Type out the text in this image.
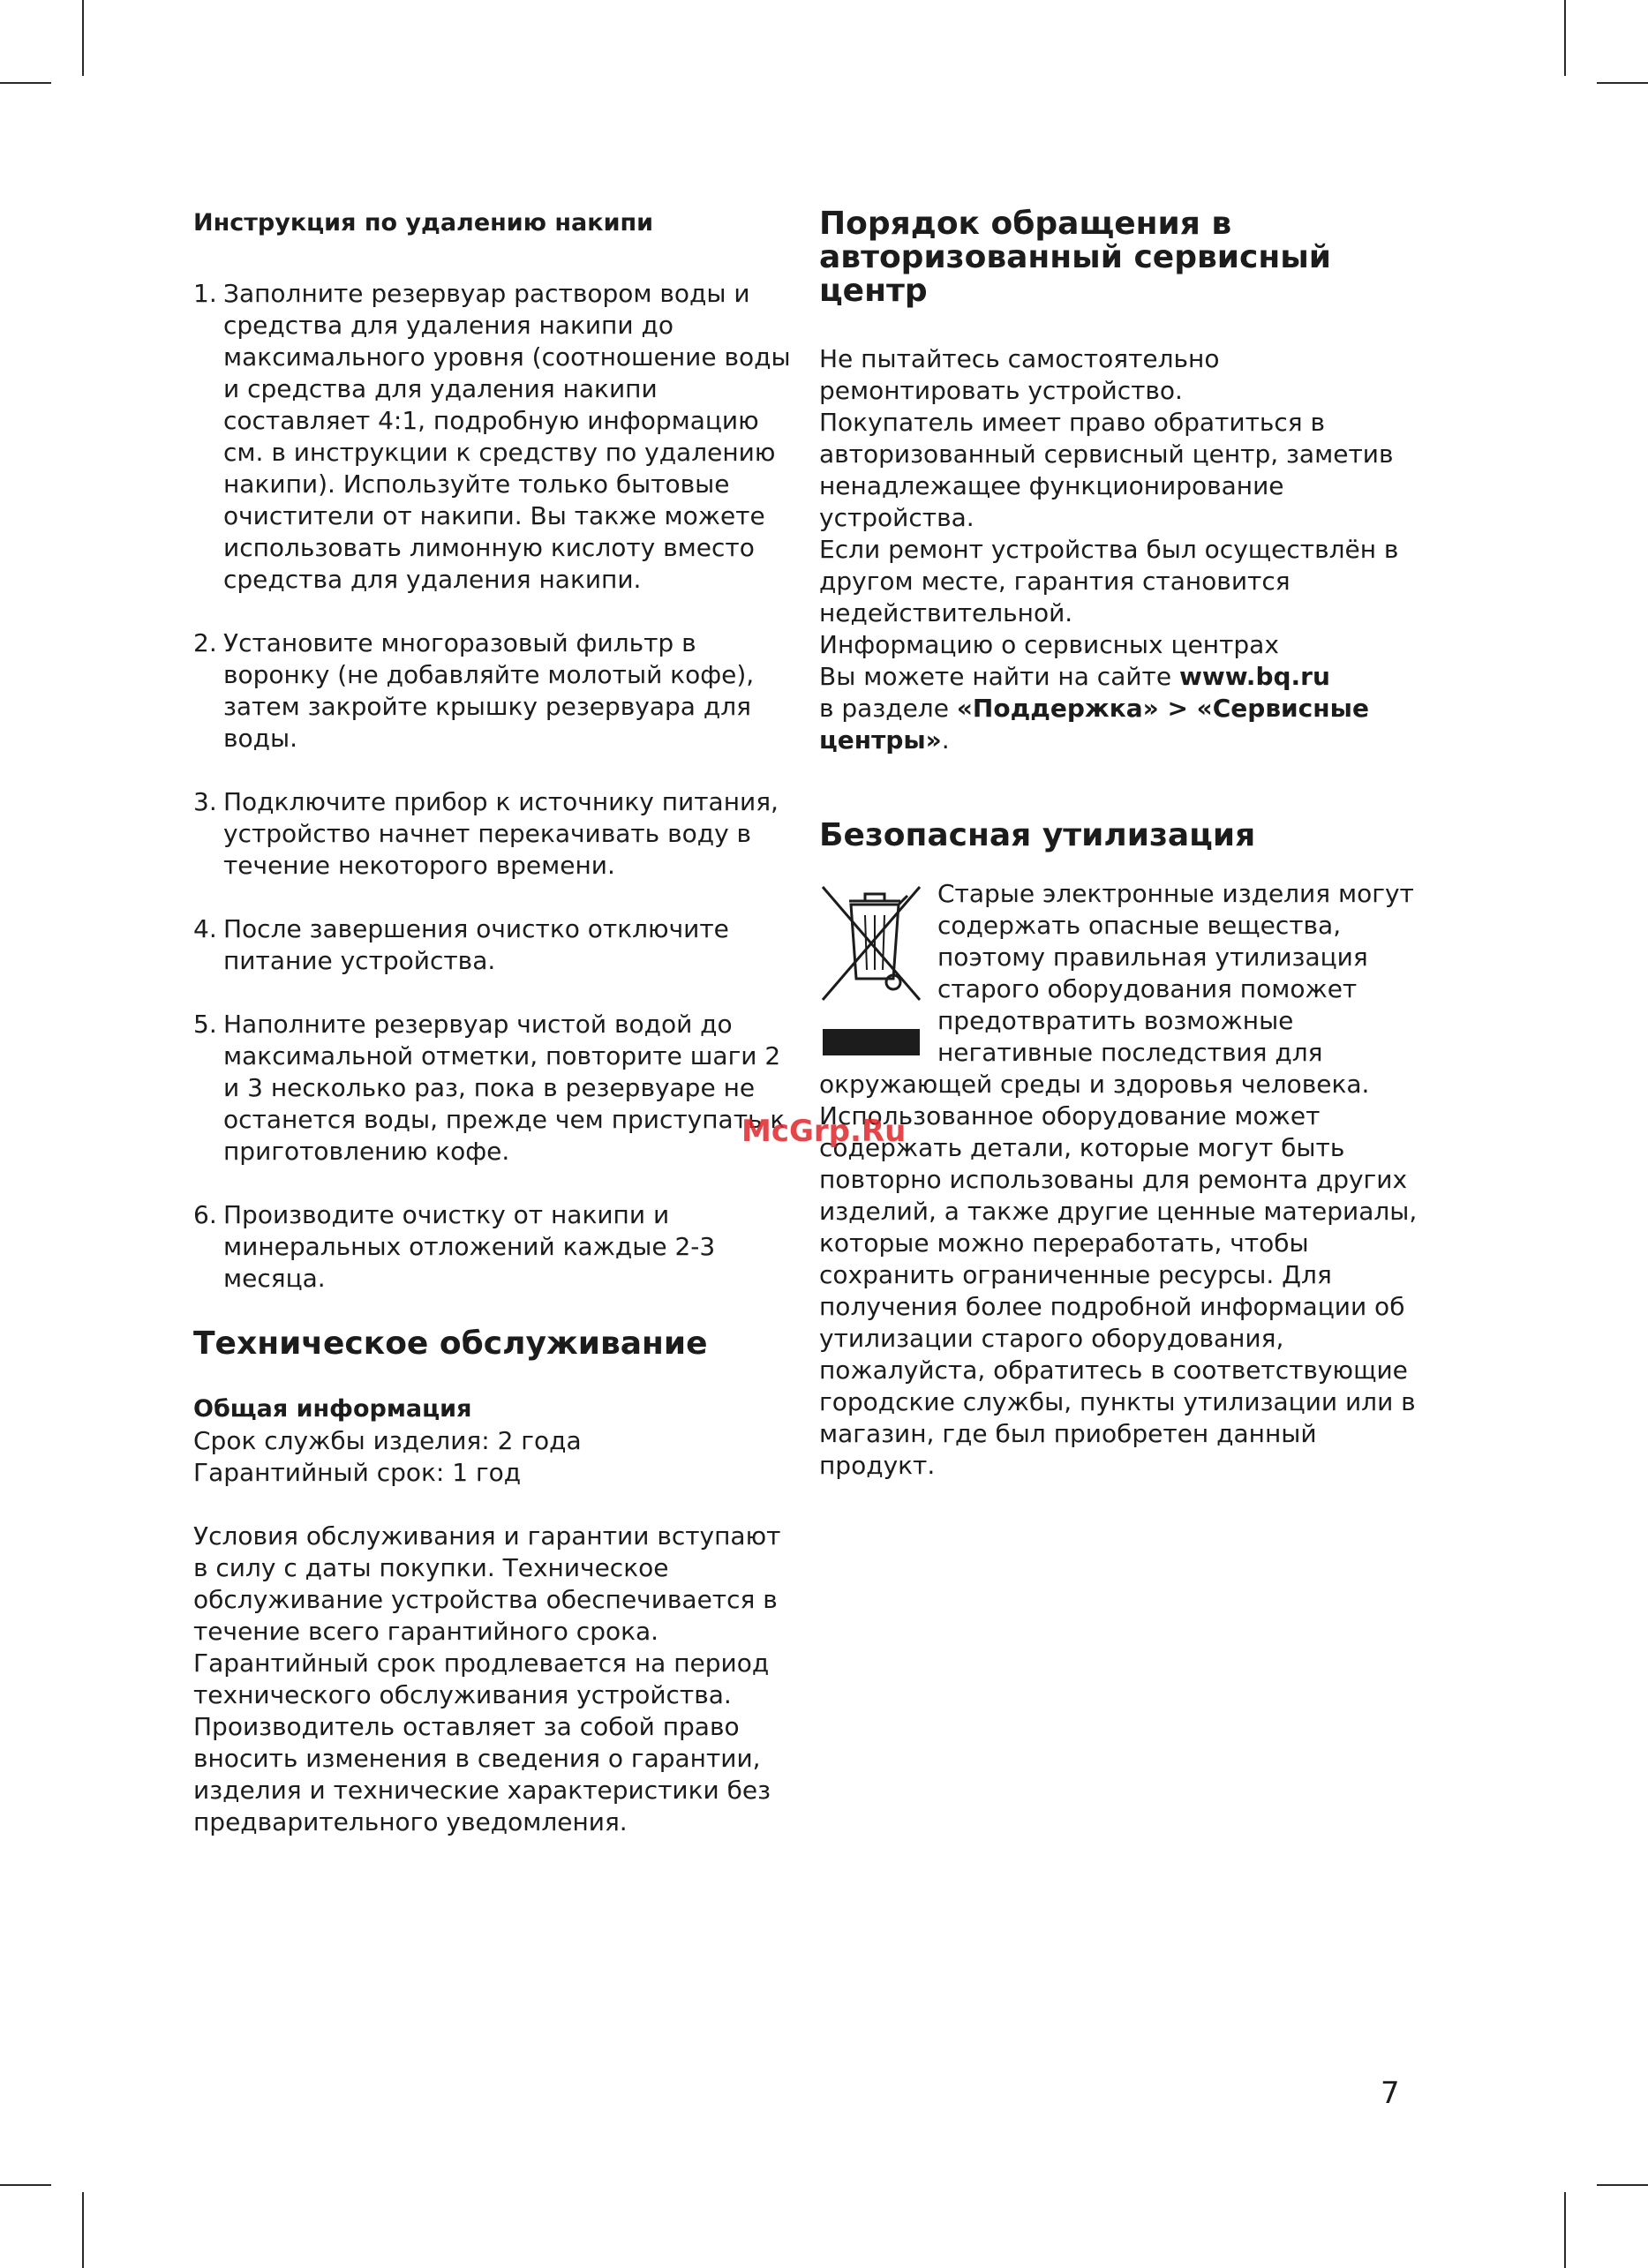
Инструкция по удалению накипи
1. Заполните резервуар раствором воды и средства для удаления накипи до максимального уровня (соотношение воды и средства для удаления накипи составляет 4:1, подробную информацию см. в инструкции к средству по удалению накипи). Используйте только бытовые очистители от накипи. Вы также можете использовать лимонную кислоту вместо средства для удаления накипи.
2. Установите многоразовый фильтр в воронку (не добавляйте молотый кофе), затем закройте крышку резервуара для воды.
3. Подключите прибор к источнику питания, устройство начнет перекачивать воду в течение некоторого времени.
4. После завершения очистко отключите питание устройства.
5. Наполните резервуар чистой водой до максимальной отметки, повторите шаги 2 и 3 несколько раз, пока в резервуаре не останется воды, прежде чем приступать к приготовлению кофе.
6. Производите очистку от накипи и минеральных отложений каждые 2-3 месяца.
Техническое обслуживание
Общая информация

Срок службы изделия: 2 года

Гарантийный срок: 1 год

Условия обслуживания и гарантии вступают в силу с даты покупки. Техническое обслуживание устройства обеспечивается в течение всего гарантийного срока. Гарантийный срок продлевается на период технического обслуживания устройства. Производитель оставляет за собой право вносить изменения в сведения о гарантии, изделия и технические характеристики без предварительного уведомления.

Порядок обращения в авторизованный сервисный центр

Не пытайтесь самостоятельно ремонтировать устройство.

Покупатель имеет право обратиться в авторизованный сервисный центр, заметив ненадлежащее функционирование устройства.

Если ремонт устройства был осуществлён в другом месте, гарантия становится недействительной.

Информацию о сервисных центрах
Вы можете найти на сайте www.bq.ru
в разделе «Поддержка» > «Сервисные центры».

Безопасная утилизация

Старые электронные изделия могут содержать опасные вещества, поэтому правильная утилизация старого оборудования поможет предотвратить возможные негативные последствия для окружающей среды и здоровья человека. Использованное оборудование может содержать детали, которые могут быть повторно использованы для ремонта других изделий, а также другие ценные материалы, которые можно переработать, чтобы сохранить ограниченные ресурсы. Для получения более подробной информации об утилизации старого оборудования, пожалуйста, обратитесь в соответствующие городские службы, пункты утилизации или в магазин, где был приобретен данный продукт.

McGrp.Ru
7
